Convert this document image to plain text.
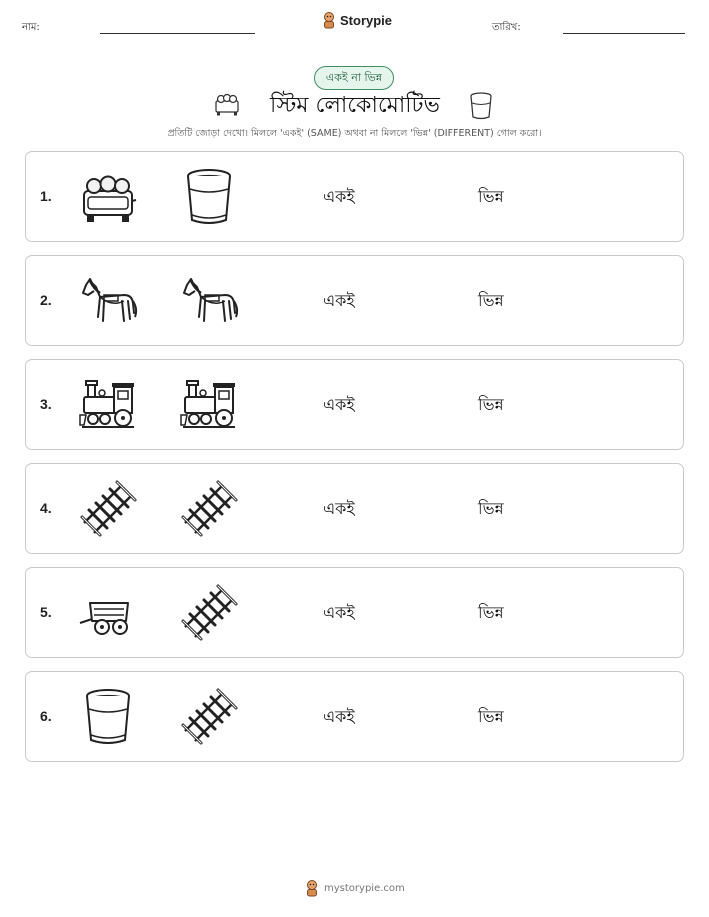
নাম:	Storypie	তারিখ:
একই না ভিন্ন
স্টিম লোকোমোটিভ
প্রতিটি জোড়া দেখো। মিললে 'একই' (SAME) অথবা না মিললে 'ভিন্ন' (DIFFERENT) গোল করো।
1.	একই	ভিন্ন
2.	একই	ভিন্ন
3.	একই	ভিন্ন
4.	একই	ভিন্ন
5.	একই	ভিন্ন
6.	একই	ভিন্ন
mystorypie.com
